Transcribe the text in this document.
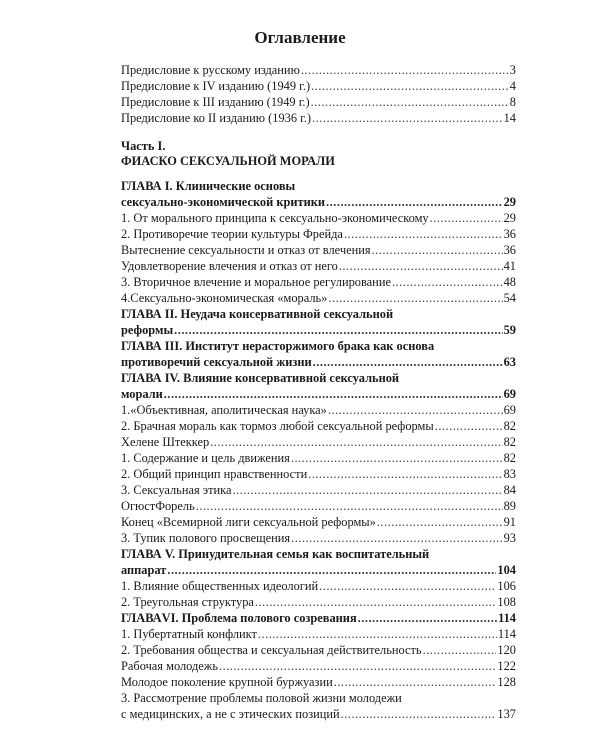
Оглавление
Предисловие к русскому изданию .....	3
Предисловие к IV изданию (1949 г.) .....	4
Предисловие к III изданию (1949 г.) .....	8
Предисловие ко II изданию (1936 г.) .....	14
Часть I.
ФИАСКО СЕКСУАЛЬНОЙ МОРАЛИ
ГЛАВА I. Клинические основы
сексуально-экономической критики .....	29
1. От морального принципа к сексуально-экономическому .....	29
2. Противоречие теории культуры Фрейда .....	36
Вытеснение сексуальности и отказ от влечения .....	36
Удовлетворение влечения и отказ от него .....	41
3. Вторичное влечение и моральное регулирование .....	48
4.Сексуально-экономическая «мораль» .....	54
ГЛАВА II. Неудача консервативной сексуальной
реформы .....	59
ГЛАВА III. Институт нерасторжимого брака как основа
противоречий сексуальной жизни .....	63
ГЛАВА IV. Влияние консервативной сексуальной
морали .....	69
1.«Объективная, аполитическая наука» .....	69
2. Брачная мораль как тормоз любой сексуальной реформы .....	82
Хелене Штеккер .....	82
1. Содержание и цель движения .....	82
2. Общий принцип нравственности .....	83
3. Сексуальная этика .....	84
ОгюстФорель .....	89
Конец «Всемирной лиги сексуальной реформы» .....	91
3. Тупик полового просвещения .....	93
ГЛАВА V. Принудительная семья как воспитательный
аппарат .....	104
1. Влияние общественных идеологий .....	106
2. Треугольная структура .....	108
ГЛАВАVI. Проблема полового созревания .....	114
1. Пубертатный конфликт .....	114
2. Требования общества и сексуальная действительность .....	120
Рабочая молодежь .....	122
Молодое поколение крупной буржуазии .....	128
3. Рассмотрение проблемы половой жизни молодежи
с медицинских, а не с этических позиций .....	137
